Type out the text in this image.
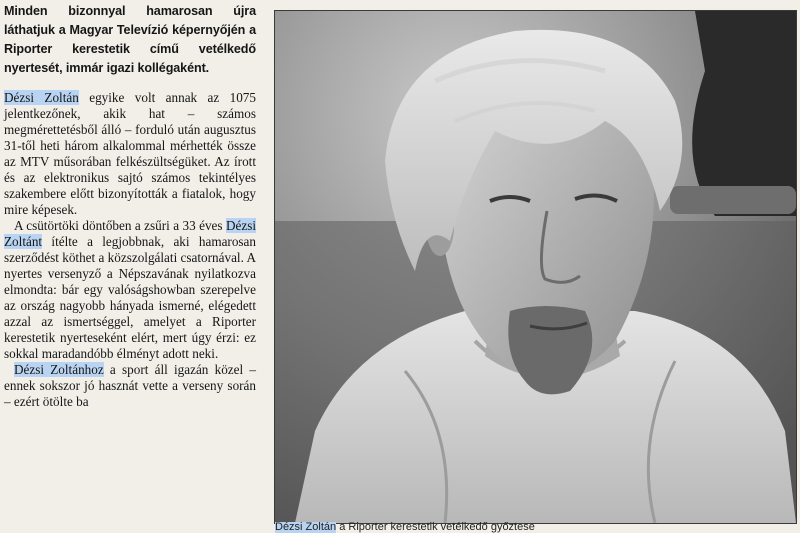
Minden bizonnyal hamarosan újra láthatjuk a Magyar Televízió képernyőjén a Riporter kerestetik című vetélkedő nyertesét, immár igazi kollégaként.

Dézsi Zoltán egyike volt annak az 1075 jelentkezőnek, akik hat – számos megmérettetésből álló – forduló után augusztus 31-től heti három alkalommal mérhették össze az MTV műsorában felkészültségüket. Az írott és az elektronikus sajtó számos tekintélyes szakembere előtt bizonyították a fiatalok, hogy mire képesek.

A csütörtöki döntőben a zsűri a 33 éves Dézsi Zoltánt ítélte a legjobbnak, aki hamarosan szerződést köthet a közszolgálati csatornával. A nyertes versenyző a Népszavának nyilatkozva elmondta: bár egy valóságshowban szerepelve az ország nagyobb hányada ismerné, elégedett azzal az ismertséggel, amelyet a Riporter kerestetik nyerteseként elért, mert úgy érzi: ez sokkal maradandóbb élményt adott neki.

Dézsi Zoltánhoz a sport áll igazán közel – ennek sokszor jó hasznát vette a verseny során – ezért ötölte ba

Dézsi Zoltán a Riporter kerestetik vetélkedő győztese
